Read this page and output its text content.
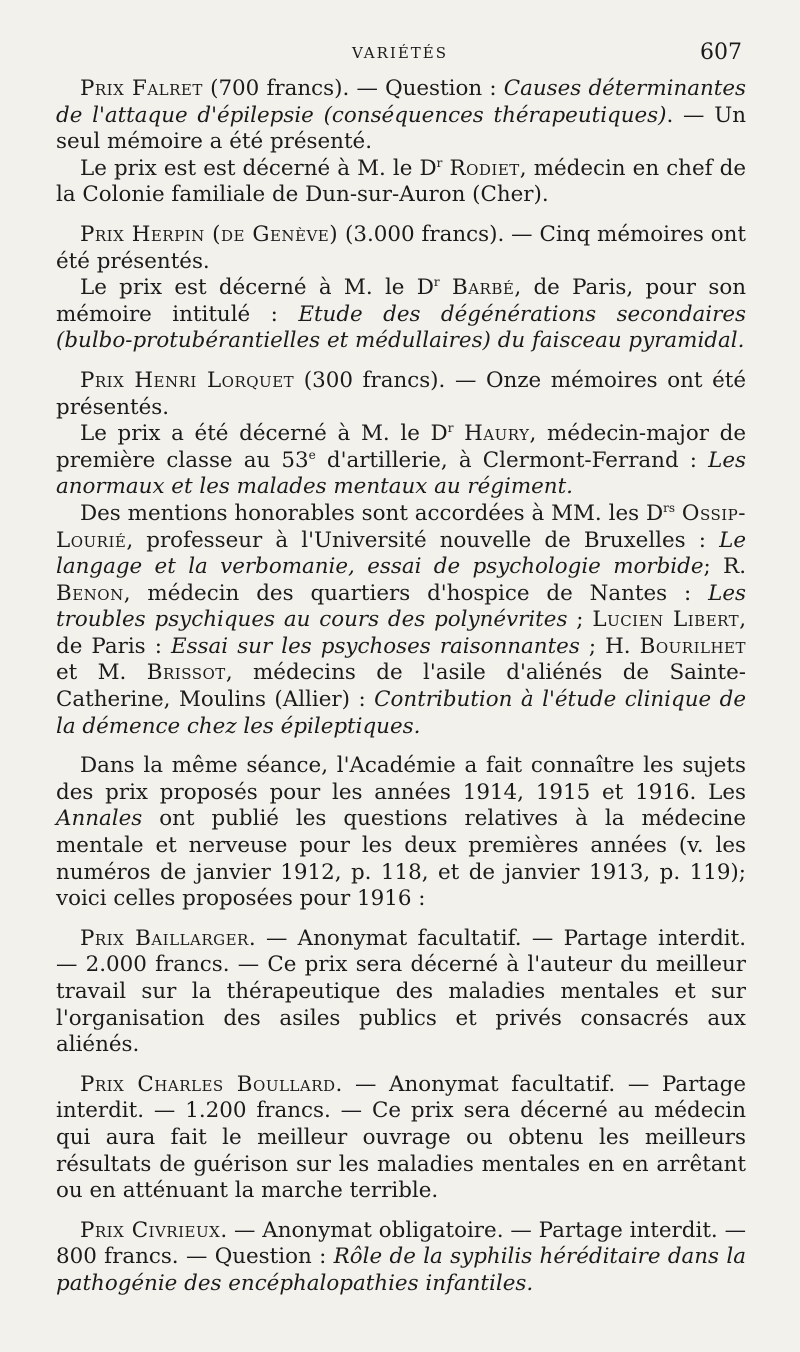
VARIÉTÉS	607

Prix Falret (700 francs). — Question : Causes déterminantes de l'attaque d'épilepsie (conséquences thérapeutiques). — Un seul mémoire a été présenté.

Le prix est est décerné à M. le $D^r$ Rodiet, médecin en chef de la Colonie familiale de Dun-sur-Auron (Cher).

Prix Herpin (de Genève) (3.000 francs). — Cinq mémoires ont été présentés.

Le prix est décerné à M. le $D^r$ Barbé, de Paris, pour son mémoire intitulé : Etude des dégénérations secondaires (bulbo-protubérantielles et médullaires) du faisceau pyramidal.

Prix Henri Lorquet (300 francs). — Onze mémoires ont été présentés.

Le prix a été décerné à M. le $D^r$ Haury, médecin-major de première classe au 53e d'artillerie, à Clermont-Ferrand : Les anormaux et les malades mentaux au régiment.

Des mentions honorables sont accordées à MM. les $D^{rs}$ Ossip-Lourié, professeur à l'Université nouvelle de Bruxelles : Le langage et la verbomanie, essai de psychologie morbide; R. Benon, médecin des quartiers d'hospice de Nantes : Les troubles psychiques au cours des polynévrites ; Lucien Libert, de Paris : Essai sur les psychoses raisonnantes ; H. Bourilhet et M. Brissot, médecins de l'asile d'aliénés de Sainte-Catherine, Moulins (Allier) : Contribution à l'étude clinique de la démence chez les épileptiques.

Dans la même séance, l'Académie a fait connaître les sujets des prix proposés pour les années 1914, 1915 et 1916. Les Annales ont publié les questions relatives à la médecine mentale et nerveuse pour les deux premières années (v. les numéros de janvier 1912, p. 118, et de janvier 1913, p. 119); voici celles proposées pour 1916 :

Prix Baillarger. — Anonymat facultatif. — Partage interdit. — 2.000 francs. — Ce prix sera décerné à l'auteur du meilleur travail sur la thérapeutique des maladies mentales et sur l'organisation des asiles publics et privés consacrés aux aliénés.

Prix Charles Boullard. — Anonymat facultatif. — Partage interdit. — 1.200 francs. — Ce prix sera décerné au médecin qui aura fait le meilleur ouvrage ou obtenu les meilleurs résultats de guérison sur les maladies mentales en en arrêtant ou en atténuant la marche terrible.

Prix Civrieux. — Anonymat obligatoire. — Partage interdit. — 800 francs. — Question : Rôle de la syphilis héréditaire dans la pathogénie des encéphalopathies infantiles.
